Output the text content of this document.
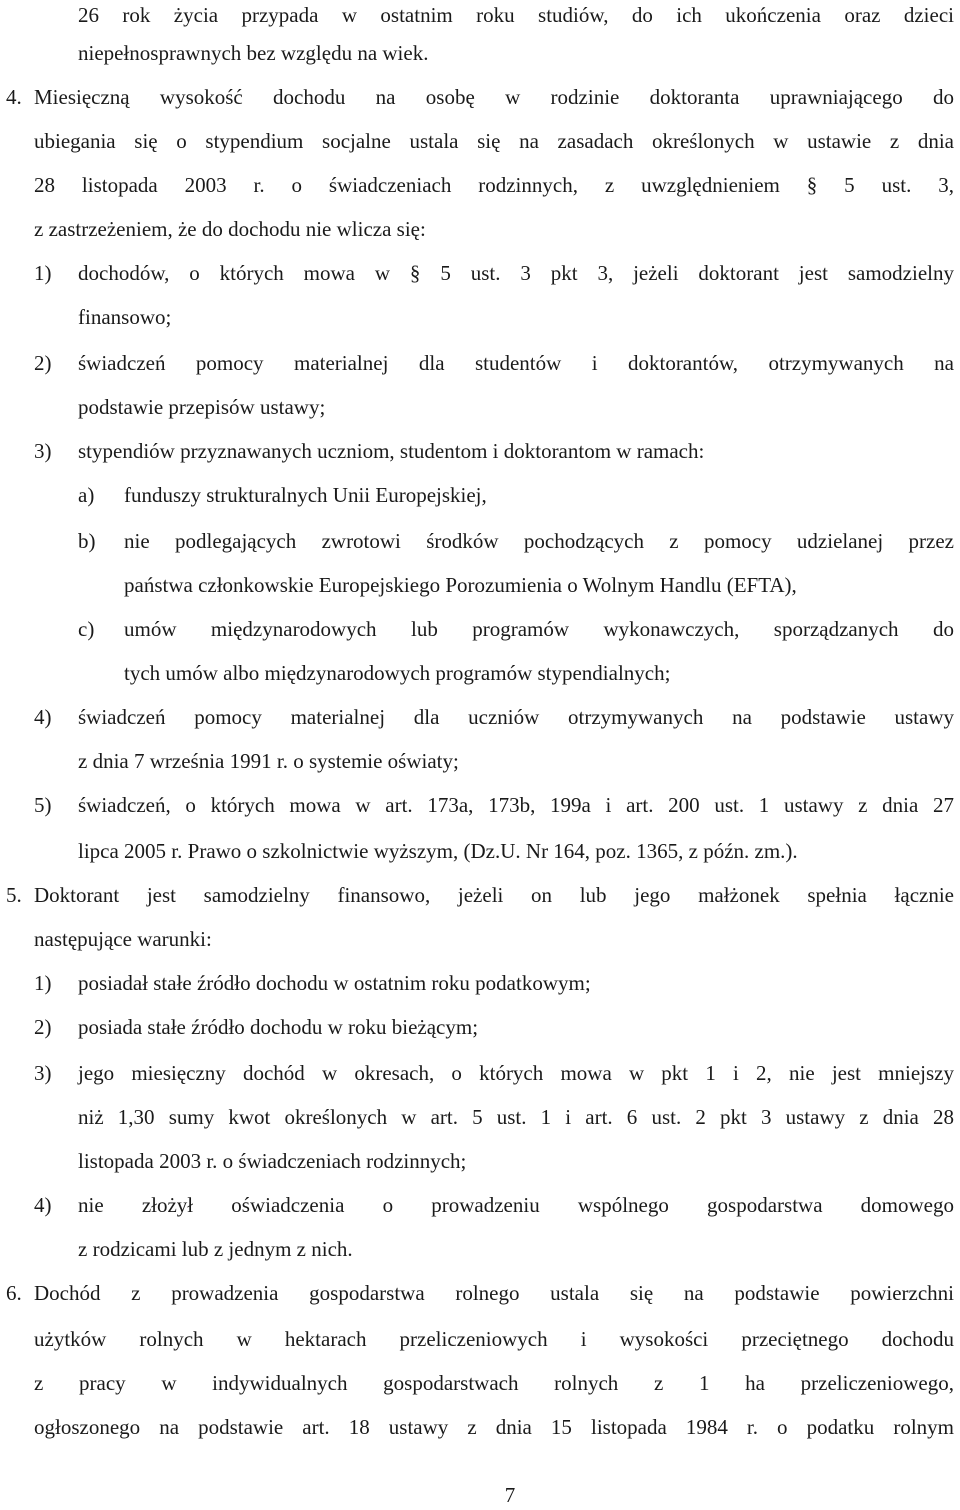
26 rok życia przypada w ostatnim roku studiów, do ich ukończenia oraz dzieci
niepełnosprawnych bez względu na wiek.
4. Miesięczną wysokość dochodu na osobę w rodzinie doktoranta uprawniającego do
ubiegania się o stypendium socjalne ustala się na zasadach określonych w ustawie z dnia
28 listopada 2003 r. o świadczeniach rodzinnych, z uwzględnieniem § 5 ust. 3,
z zastrzeżeniem, że do dochodu nie wlicza się:
1) dochodów, o których mowa w § 5 ust. 3 pkt 3, jeżeli doktorant jest samodzielny
finansowo;
2) świadczeń pomocy materialnej dla studentów i doktorantów, otrzymywanych na
podstawie przepisów ustawy;
3) stypendiów przyznawanych uczniom, studentom i doktorantom w ramach:
a) funduszy strukturalnych Unii Europejskiej,
b) nie podlegających zwrotowi środków pochodzących z pomocy udzielanej przez
państwa członkowskie Europejskiego Porozumienia o Wolnym Handlu (EFTA),
c) umów międzynarodowych lub programów wykonawczych, sporządzanych do
tych umów albo międzynarodowych programów stypendialnych;
4) świadczeń pomocy materialnej dla uczniów otrzymywanych na podstawie ustawy
z dnia 7 września 1991 r. o systemie oświaty;
5) świadczeń, o których mowa w art. 173a, 173b, 199a i art. 200 ust. 1 ustawy z dnia 27
lipca 2005 r. Prawo o szkolnictwie wyższym, (Dz.U. Nr 164, poz. 1365, z późn. zm.).
5. Doktorant jest samodzielny finansowo, jeżeli on lub jego małżonek spełnia łącznie
następujące warunki:
1) posiadał stałe źródło dochodu w ostatnim roku podatkowym;
2) posiada stałe źródło dochodu w roku bieżącym;
3) jego miesięczny dochód w okresach, o których mowa w pkt 1 i 2, nie jest mniejszy
niż 1,30 sumy kwot określonych w art. 5 ust. 1 i art. 6 ust. 2 pkt 3 ustawy z dnia 28
listopada 2003 r. o świadczeniach rodzinnych;
4) nie złożył oświadczenia o prowadzeniu wspólnego gospodarstwa domowego
z rodzicami lub z jednym z nich.
6. Dochód z prowadzenia gospodarstwa rolnego ustala się na podstawie powierzchni
użytków rolnych w hektarach przeliczeniowych i wysokości przeciętnego dochodu
z pracy w indywidualnych gospodarstwach rolnych z 1 ha przeliczeniowego,
ogłoszonego na podstawie art. 18 ustawy z dnia 15 listopada 1984 r. o podatku rolnym
7
